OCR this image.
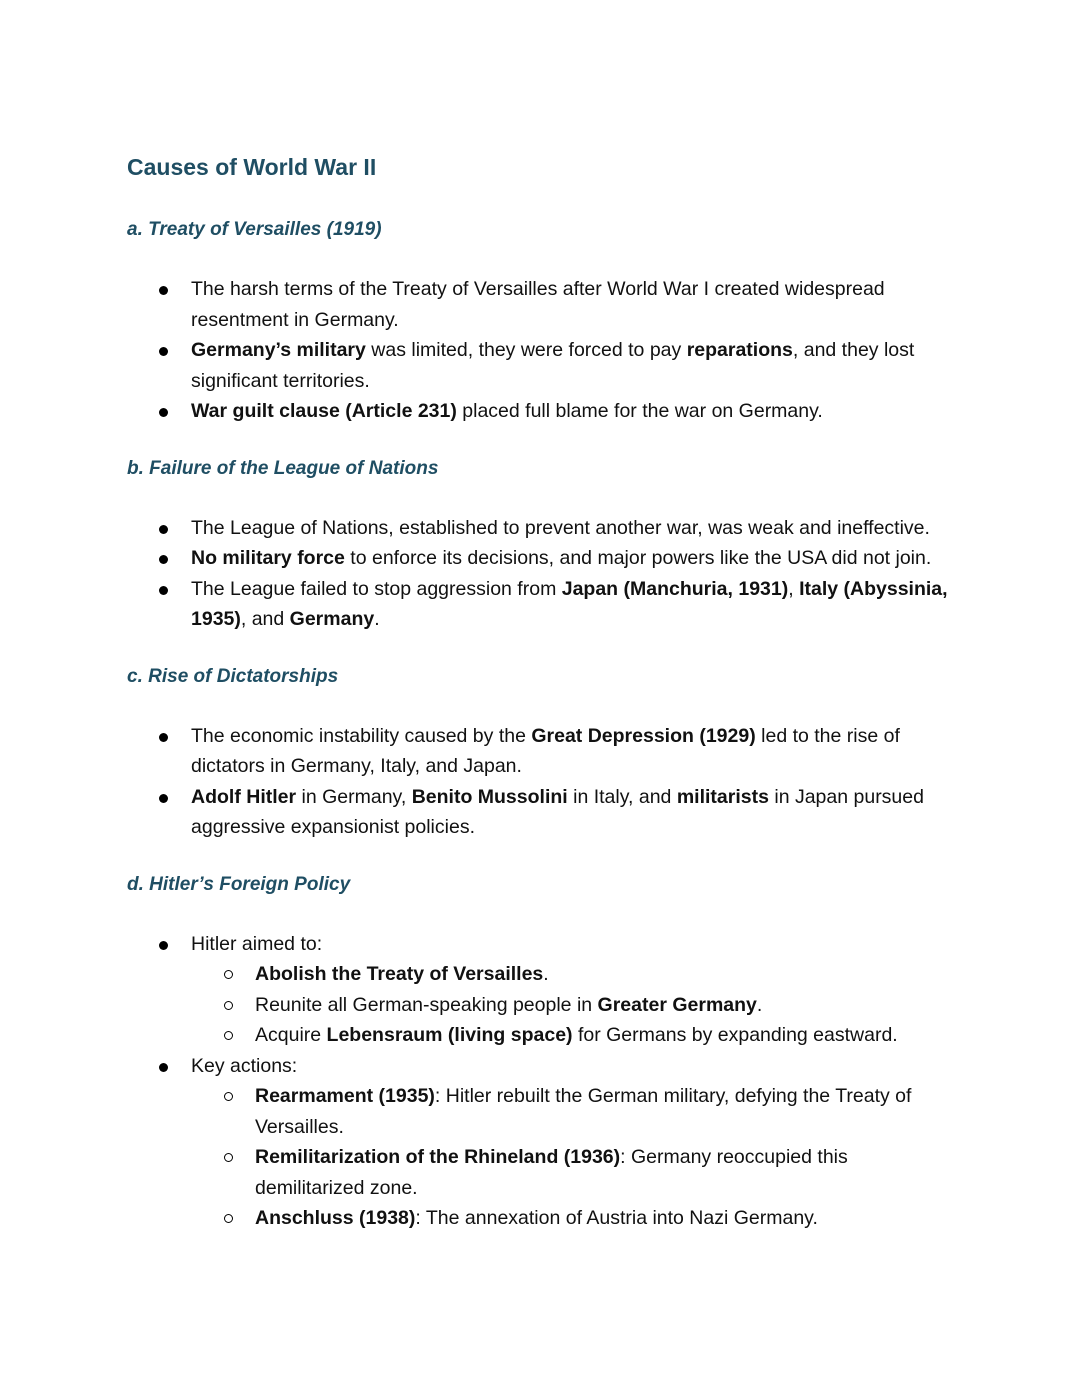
Causes of World War II
a. Treaty of Versailles (1919)
The harsh terms of the Treaty of Versailles after World War I created widespread resentment in Germany.
Germany’s military was limited, they were forced to pay reparations, and they lost significant territories.
War guilt clause (Article 231) placed full blame for the war on Germany.
b. Failure of the League of Nations
The League of Nations, established to prevent another war, was weak and ineffective.
No military force to enforce its decisions, and major powers like the USA did not join.
The League failed to stop aggression from Japan (Manchuria, 1931), Italy (Abyssinia, 1935), and Germany.
c. Rise of Dictatorships
The economic instability caused by the Great Depression (1929) led to the rise of dictators in Germany, Italy, and Japan.
Adolf Hitler in Germany, Benito Mussolini in Italy, and militarists in Japan pursued aggressive expansionist policies.
d. Hitler’s Foreign Policy
Hitler aimed to:
Abolish the Treaty of Versailles.
Reunite all German-speaking people in Greater Germany.
Acquire Lebensraum (living space) for Germans by expanding eastward.
Key actions:
Rearmament (1935): Hitler rebuilt the German military, defying the Treaty of Versailles.
Remilitarization of the Rhineland (1936): Germany reoccupied this demilitarized zone.
Anschluss (1938): The annexation of Austria into Nazi Germany.
